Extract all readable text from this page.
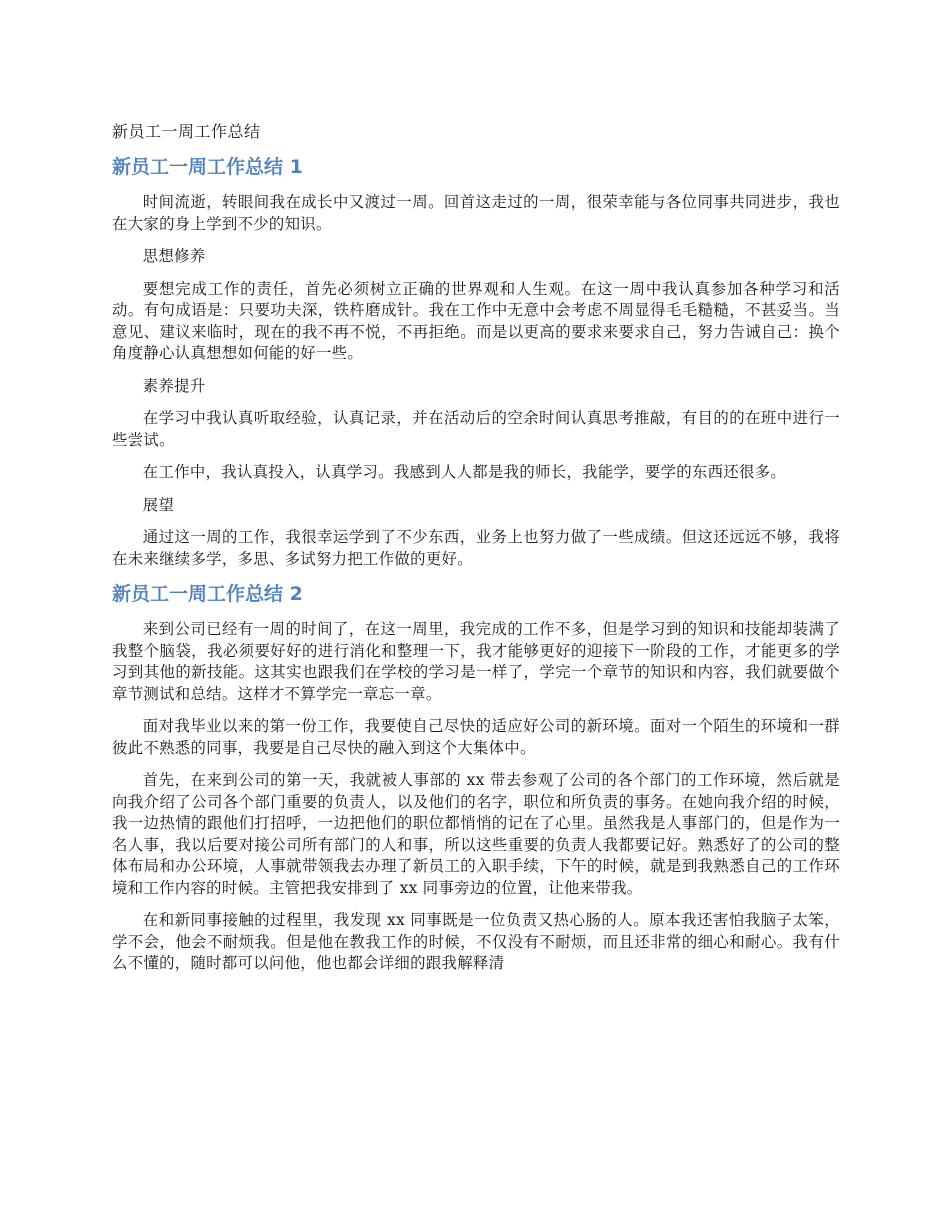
新员工一周工作总结
新员工一周工作总结 1

时间流逝，转眼间我在成长中又渡过一周。回首这走过的一周，很荣幸能与各位同事共同进步，我也在大家的身上学到不少的知识。

思想修养

要想完成工作的责任，首先必须树立正确的世界观和人生观。在这一周中我认真参加各种学习和活动。有句成语是：只要功夫深，铁杵磨成针。我在工作中无意中会考虑不周显得毛毛糙糙，不甚妥当。当意见、建议来临时，现在的我不再不悦，不再拒绝。而是以更高的要求来要求自己，努力告诫自己：换个角度静心认真想想如何能的好一些。

素养提升

在学习中我认真听取经验，认真记录，并在活动后的空余时间认真思考推敲，有目的的在班中进行一些尝试。

在工作中，我认真投入，认真学习。我感到人人都是我的师长，我能学，要学的东西还很多。

展望

通过这一周的工作，我很幸运学到了不少东西，业务上也努力做了一些成绩。但这还远远不够，我将在未来继续多学，多思、多试努力把工作做的更好。

新员工一周工作总结 2

来到公司已经有一周的时间了，在这一周里，我完成的工作不多，但是学习到的知识和技能却装满了我整个脑袋，我必须要好好的进行消化和整理一下，我才能够更好的迎接下一阶段的工作，才能更多的学习到其他的新技能。这其实也跟我们在学校的学习是一样了，学完一个章节的知识和内容，我们就要做个章节测试和总结。这样才不算学完一章忘一章。

面对我毕业以来的第一份工作，我要使自己尽快的适应好公司的新环境。面对一个陌生的环境和一群彼此不熟悉的同事，我要是自己尽快的融入到这个大集体中。

首先，在来到公司的第一天，我就被人事部的 xx 带去参观了公司的各个部门的工作环境，然后就是向我介绍了公司各个部门重要的负责人，以及他们的名字，职位和所负责的事务。在她向我介绍的时候，我一边热情的跟他们打招呼，一边把他们的职位都悄悄的记在了心里。虽然我是人事部门的，但是作为一名人事，我以后要对接公司所有部门的人和事，所以这些重要的负责人我都要记好。熟悉好了的公司的整体布局和办公环境，人事就带领我去办理了新员工的入职手续，下午的时候，就是到我熟悉自己的工作环境和工作内容的时候。主管把我安排到了 xx 同事旁边的位置，让他来带我。

在和新同事接触的过程里，我发现 xx 同事既是一位负责又热心肠的人。原本我还害怕我脑子太笨，学不会，他会不耐烦我。但是他在教我工作的时候，不仅没有不耐烦，而且还非常的细心和耐心。我有什么不懂的，随时都可以问他，他也都会详细的跟我解释清
